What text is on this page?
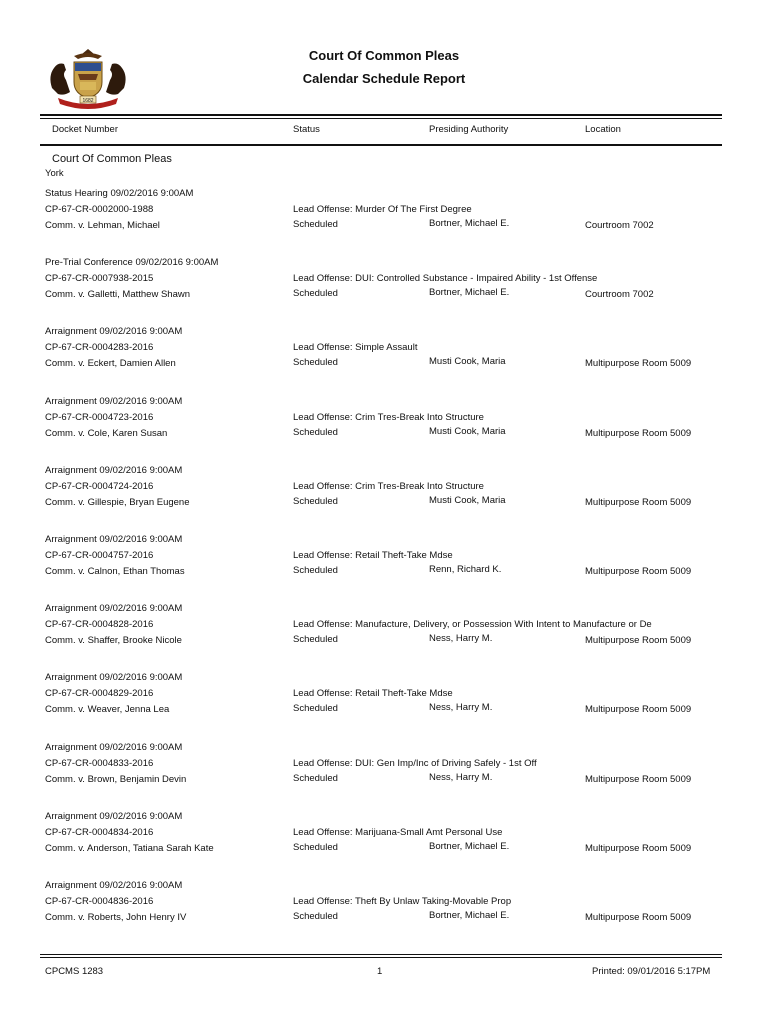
1682
Court Of Common Pleas
Calendar Schedule Report
Docket Number	Status	Presiding Authority	Location
Court Of Common Pleas
York
Status Hearing 09/02/2016 9:00AM
CP-67-CR-0002000-1988
Comm. v. Lehman, Michael
Lead Offense: Murder Of The First Degree
Scheduled	Bortner, Michael E.	Courtroom 7002
Pre-Trial Conference 09/02/2016 9:00AM
CP-67-CR-0007938-2015
Comm. v. Galletti, Matthew Shawn
Lead Offense: DUI: Controlled Substance - Impaired Ability - 1st Offense
Scheduled	Bortner, Michael E.	Courtroom 7002
Arraignment 09/02/2016 9:00AM
CP-67-CR-0004283-2016
Comm. v. Eckert, Damien Allen
Lead Offense: Simple Assault
Scheduled	Musti Cook, Maria	Multipurpose Room 5009
Arraignment 09/02/2016 9:00AM
CP-67-CR-0004723-2016
Comm. v. Cole, Karen Susan
Lead Offense: Crim Tres-Break Into Structure
Scheduled	Musti Cook, Maria	Multipurpose Room 5009
Arraignment 09/02/2016 9:00AM
CP-67-CR-0004724-2016
Comm. v. Gillespie, Bryan Eugene
Lead Offense: Crim Tres-Break Into Structure
Scheduled	Musti Cook, Maria	Multipurpose Room 5009
Arraignment 09/02/2016 9:00AM
CP-67-CR-0004757-2016
Comm. v. Calnon, Ethan Thomas
Lead Offense: Retail Theft-Take Mdse
Scheduled	Renn, Richard K.	Multipurpose Room 5009
Arraignment 09/02/2016 9:00AM
CP-67-CR-0004828-2016
Comm. v. Shaffer, Brooke Nicole
Lead Offense: Manufacture, Delivery, or Possession With Intent to Manufacture or De
Scheduled	Ness, Harry M.	Multipurpose Room 5009
Arraignment 09/02/2016 9:00AM
CP-67-CR-0004829-2016
Comm. v. Weaver, Jenna Lea
Lead Offense: Retail Theft-Take Mdse
Scheduled	Ness, Harry M.	Multipurpose Room 5009
Arraignment 09/02/2016 9:00AM
CP-67-CR-0004833-2016
Comm. v. Brown, Benjamin Devin
Lead Offense: DUI: Gen Imp/Inc of Driving Safely - 1st Off
Scheduled	Ness, Harry M.	Multipurpose Room 5009
Arraignment 09/02/2016 9:00AM
CP-67-CR-0004834-2016
Comm. v. Anderson, Tatiana Sarah Kate
Lead Offense: Marijuana-Small Amt Personal Use
Scheduled	Bortner, Michael E.	Multipurpose Room 5009
Arraignment 09/02/2016 9:00AM
CP-67-CR-0004836-2016
Comm. v. Roberts, John Henry IV
Lead Offense: Theft By Unlaw Taking-Movable Prop
Scheduled	Bortner, Michael E.	Multipurpose Room 5009
CPCMS 1283	1	Printed: 09/01/2016 5:17PM
